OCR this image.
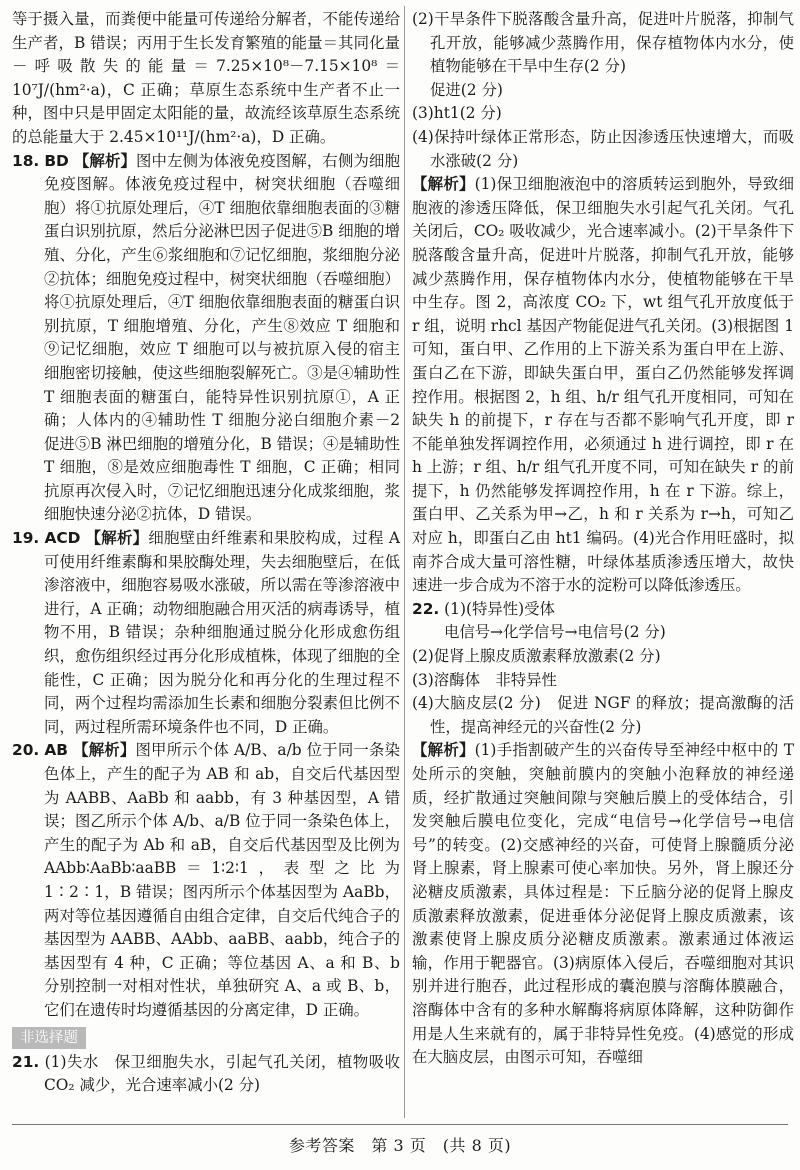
等于摄入量，而粪便中能量可传递给分解者，不能传递给生产者，B 错误；丙用于生长发育繁殖的能量＝其同化量－呼吸散失的能量＝7.25×10⁸－7.15×10⁸＝10⁷J/(hm²·a)，C 正确；草原生态系统中生产者不止一种，图中只是甲固定太阳能的量，故流经该草原生态系统的总能量大于 2.45×10¹¹J/(hm²·a)，D 正确。

18. BD 【解析】图中左侧为体液免疫图解，右侧为细胞免疫图解。体液免疫过程中，树突状细胞（吞噬细胞）将①抗原处理后，④T 细胞依靠细胞表面的③糖蛋白识别抗原，然后分泌淋巴因子促进⑤B 细胞的增殖、分化，产生⑥浆细胞和⑦记忆细胞，浆细胞分泌②抗体；细胞免疫过程中，树突状细胞（吞噬细胞）将①抗原处理后，④T 细胞依靠细胞表面的糖蛋白识别抗原，T 细胞增殖、分化，产生⑧效应 T 细胞和⑨记忆细胞，效应 T 细胞可以与被抗原入侵的宿主细胞密切接触，使这些细胞裂解死亡。③是④辅助性 T 细胞表面的糖蛋白，能特异性识别抗原①，A 正确；人体内的④辅助性 T 细胞分泌白细胞介素－2 促进⑤B 淋巴细胞的增殖分化，B 错误；④是辅助性 T 细胞，⑧是效应细胞毒性 T 细胞，C 正确；相同抗原再次侵入时，⑦记忆细胞迅速分化成浆细胞，浆细胞快速分泌②抗体，D 错误。

19. ACD 【解析】细胞壁由纤维素和果胶构成，过程 A 可使用纤维素酶和果胶酶处理，失去细胞壁后，在低渗溶液中，细胞容易吸水涨破，所以需在等渗溶液中进行，A 正确；动物细胞融合用灭活的病毒诱导，植物不用，B 错误；杂种细胞通过脱分化形成愈伤组织，愈伤组织经过再分化形成植株，体现了细胞的全能性，C 正确；因为脱分化和再分化的生理过程不同，两个过程均需添加生长素和细胞分裂素但比例不同，两过程所需环境条件也不同，D 正确。

20. AB 【解析】图甲所示个体 A/B、a/b 位于同一条染色体上，产生的配子为 AB 和 ab，自交后代基因型为 AABB、AaBb 和 aabb，有 3 种基因型，A 错误；图乙所示个体 A/b、a/B 位于同一条染色体上，产生的配子为 Ab 和 aB，自交后代基因型及比例为 AAbb∶AaBb∶aaBB＝1∶2∶1，表型之比为 1∶2∶1，B 错误；图丙所示个体基因型为 AaBb，两对等位基因遵循自由组合定律，自交后代纯合子的基因型为 AABB、AAbb、aaBB、aabb，纯合子的基因型有 4 种，C 正确；等位基因 A、a 和 B、b 分别控制一对相对性状，单独研究 A、a 或 B、b，它们在遗传时均遵循基因的分离定律，D 正确。

非选择题

21. (1)失水　保卫细胞失水，引起气孔关闭，植物吸收 CO₂ 减少，光合速率减小(2 分)

(2)干旱条件下脱落酸含量升高，促进叶片脱落，抑制气孔开放，能够减少蒸腾作用，保存植物体内水分，使植物能够在干旱中生存(2 分)

促进(2 分)

(3)ht1(2 分)

(4)保持叶绿体正常形态，防止因渗透压快速增大，而吸水涨破(2 分)

【解析】(1)保卫细胞液泡中的溶质转运到胞外，导致细胞液的渗透压降低，保卫细胞失水引起气孔关闭。气孔关闭后，CO₂ 吸收减少，光合速率减小。(2)干旱条件下脱落酸含量升高，促进叶片脱落，抑制气孔开放，能够减少蒸腾作用，保存植物体内水分，使植物能够在干旱中生存。图 2，高浓度 CO₂ 下，wt 组气孔开放度低于 r 组，说明 rhcl 基因产物能促进气孔关闭。(3)根据图 1 可知，蛋白甲、乙作用的上下游关系为蛋白甲在上游、蛋白乙在下游，即缺失蛋白甲，蛋白乙仍然能够发挥调控作用。根据图 2，h 组、h/r 组气孔开度相同，可知在缺失 h 的前提下，r 存在与否都不影响气孔开度，即 r 不能单独发挥调控作用，必须通过 h 进行调控，即 r 在 h 上游；r 组、h/r 组气孔开度不同，可知在缺失 r 的前提下，h 仍然能够发挥调控作用，h 在 r 下游。综上，蛋白甲、乙关系为甲→乙，h 和 r 关系为 r→h，可知乙对应 h，即蛋白乙由 ht1 编码。(4)光合作用旺盛时，拟南芥合成大量可溶性糖，叶绿体基质渗透压增大，故快速进一步合成为不溶于水的淀粉可以降低渗透压。

22. (1)(特异性)受体

电信号→化学信号→电信号(2 分)

(2)促肾上腺皮质激素释放激素(2 分)

(3)溶酶体　非特异性

(4)大脑皮层(2 分)　促进 NGF 的释放；提高激酶的活性，提高神经元的兴奋性(2 分)

【解析】(1)手指割破产生的兴奋传导至神经中枢中的 T 处所示的突触，突触前膜内的突触小泡释放的神经递质，经扩散通过突触间隙与突触后膜上的受体结合，引发突触后膜电位变化，完成“电信号→化学信号→电信号”的转变。(2)交感神经的兴奋，可使肾上腺髓质分泌肾上腺素，肾上腺素可使心率加快。另外，肾上腺还分泌糖皮质激素，具体过程是：下丘脑分泌的促肾上腺皮质激素释放激素，促进垂体分泌促肾上腺皮质激素，该激素使肾上腺皮质分泌糖皮质激素。激素通过体液运输，作用于靶器官。(3)病原体入侵后，吞噬细胞对其识别并进行胞吞，此过程形成的囊泡膜与溶酶体膜融合，溶酶体中含有的多种水解酶将病原体降解，这种防御作用是人生来就有的，属于非特异性免疫。(4)感觉的形成在大脑皮层，由图示可知，吞噬细

参考答案　第 3 页　(共 8 页)
